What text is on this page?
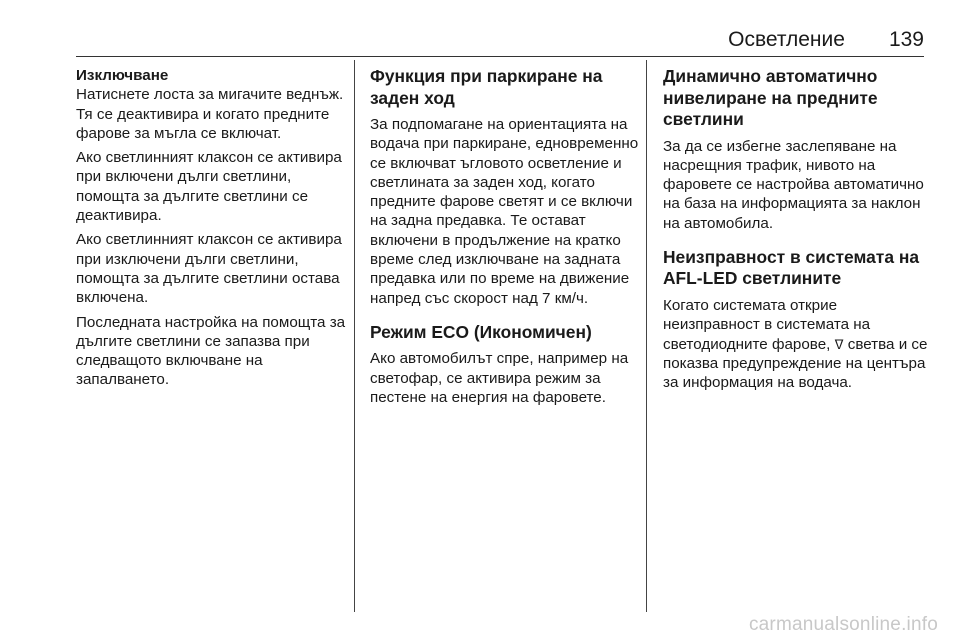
Осветление 139
Изключване

Натиснете лоста за мигачите веднъж. Тя се деактивира и когато предните фарове за мъгла се включат.

Ако светлинният клаксон се активира при включени дълги светлини, помощта за дългите светлини се деактивира.

Ако светлинният клаксон се активира при изключени дълги светлини, помощта за дългите светлини остава включена.

Последната настройка на помощта за дългите светлини се запазва при следващото включване на запалването.

Функция при паркиране на заден ход

За подпомагане на ориентацията на водача при паркиране, едновременно се включват ъгловото осветление и светлината за заден ход, когато предните фарове светят и се включи на задна предавка. Те остават включени в продължение на кратко време след изключване на задната предавка или по време на движение напред със скорост над 7 км/ч.

Режим ECO (Икономичен)

Ако автомобилът спре, например на светофар, се активира режим за пестене на енергия на фаровете.

Динамично автоматично нивелиране на предните светлини

За да се избегне заслепяване на насрещния трафик, нивото на фаровете се настройва автоматично на база на информацията за наклон на автомобила.

Неизправност в системата на AFL-LED светлините

Когато системата открие неизправност в системата на светодиодните фарове, ᐁ светва и се показва предупреждение на центъра за информация на водача.

carmanualsonline.info
